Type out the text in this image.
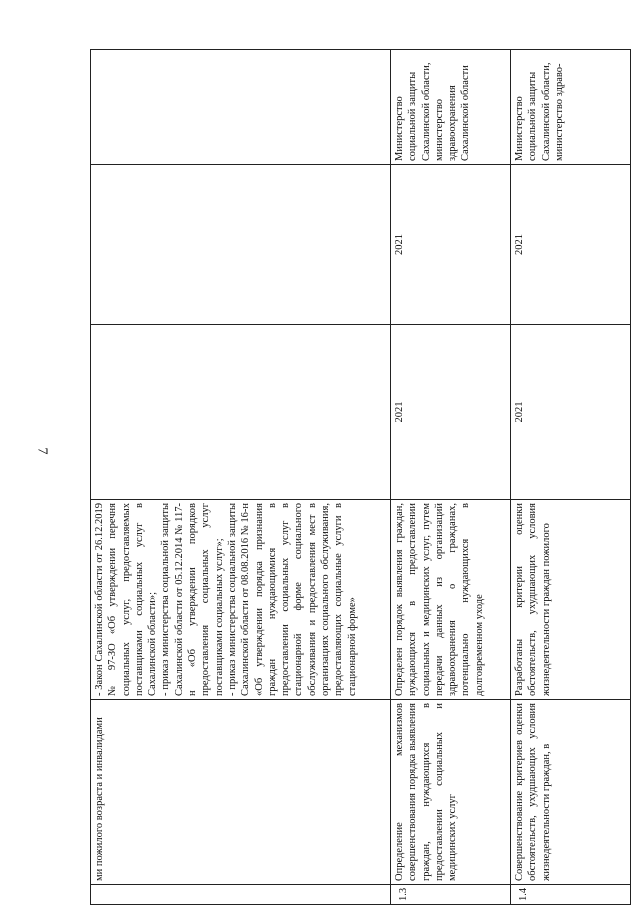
7
	ми пожилого возраста и инвалидами	- Закон Сахалинской области от 26.12.2019 № 97-ЗО «Об утверждении перечня социальных услуг, предоставляемых поставщиками социальных услуг в Сахалинской области»;
- приказ министерства социальной защиты Сахалинской области от 05.12.2014 № 117-н «Об утверждении порядков предоставления социальных услуг поставщиками социальных услуг»;
- приказ министерства социальной защиты Сахалинской области от 08.08.2016 № 16-н «Об утверждении порядка признания граждан нуждающимися в предоставлении социальных услуг в стационарной форме социального обслуживания и предоставления мест в организациях социального обслуживания, предоставляющих социальные услуги в стационарной форме»			
1.3	Определение механизмов совершенствования порядка выявления граждан, нуждающихся в предоставлении социальных и медицинских услуг	Определен порядок выявления граждан, нуждающихся в предоставлении социальных и медицинских услуг, путем передачи данных из организаций здравоохранения о гражданах, потенциально нуждающихся в долговременном уходе	2021	2021	Министерство социальной защиты Сахалинской области, министерство здравоохранения Сахалинской области
1.4	Совершенствование критериев оценки обстоятельств, ухудшающих условия жизнедеятельности граждан, в	Разработаны критерии оценки обстоятельств, ухудшающих условия жизнедеятельности граждан пожилого	2021	2021	Министерство социальной защиты Сахалинской области, министерство здраво-
